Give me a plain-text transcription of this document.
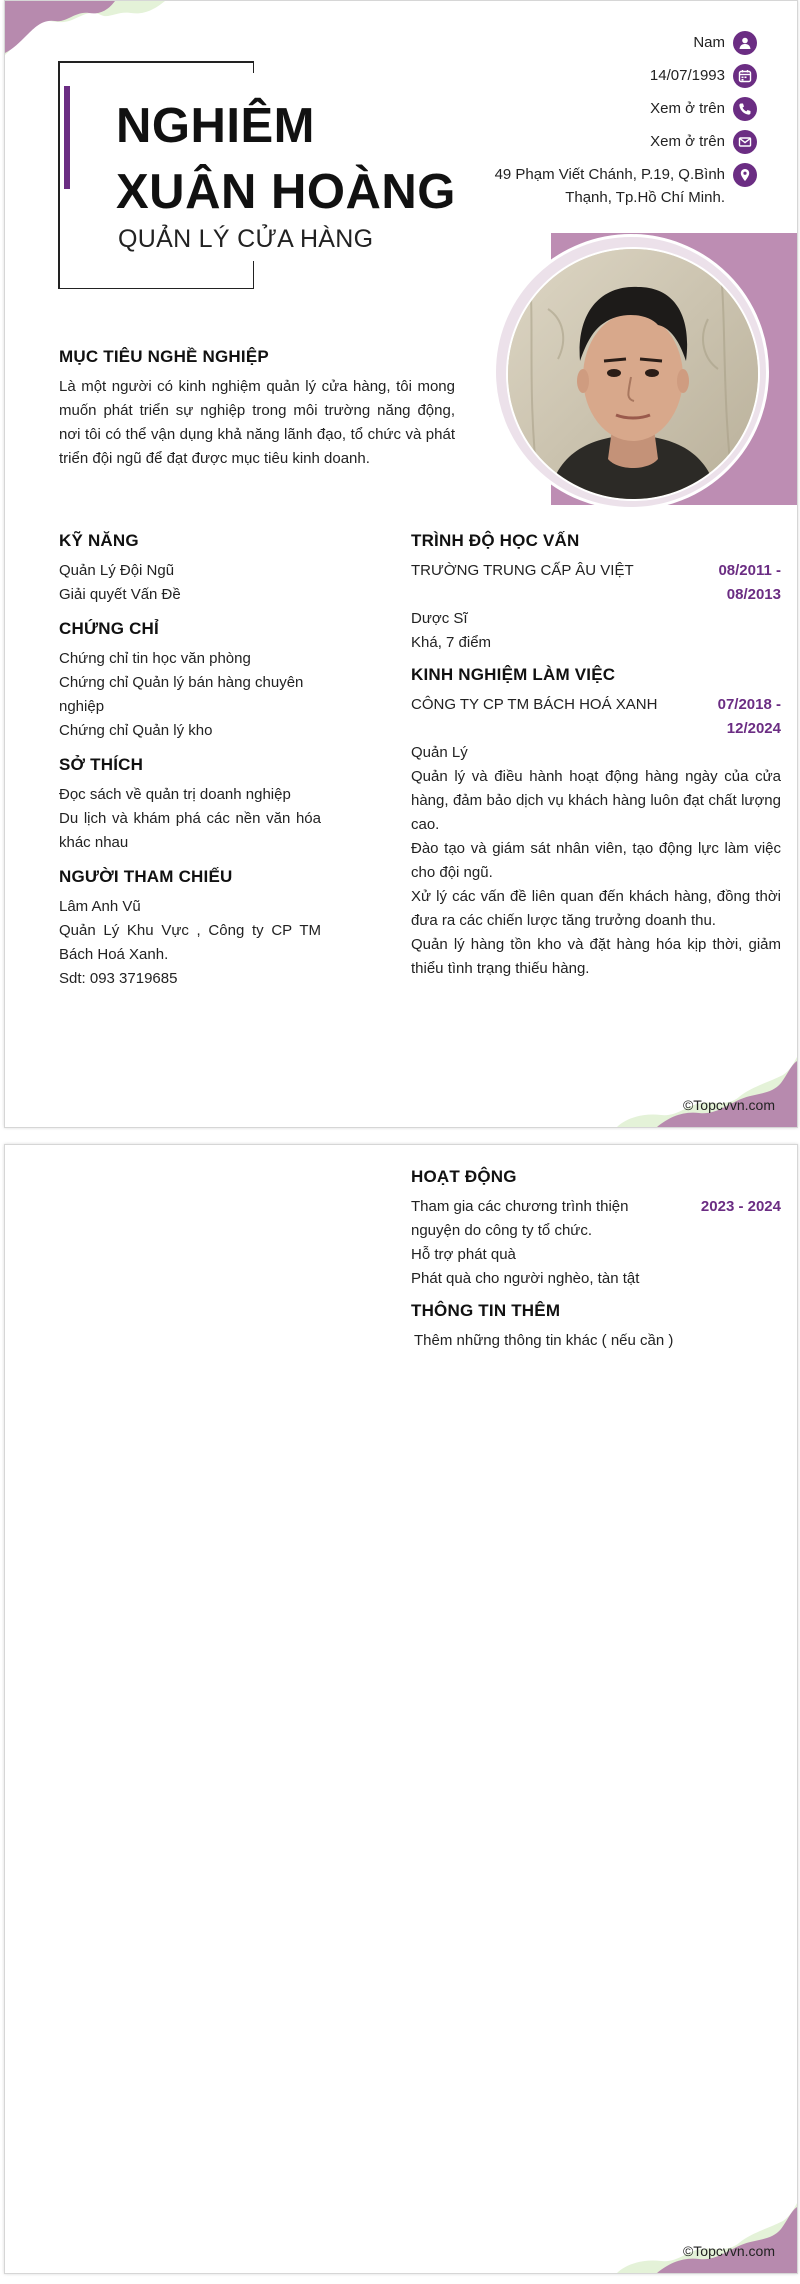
NGHIÊM
XUÂN HOÀNG
QUẢN LÝ CỬA HÀNG
Nam
14/07/1993
Xem ở trên
Xem ở trên
49 Phạm Viết Chánh, P.19, Q.Bình Thạnh, Tp.Hồ Chí Minh.
MỤC TIÊU NGHỀ NGHIỆP
Là một người có kinh nghiệm quản lý cửa hàng, tôi mong muốn phát triển sự nghiệp trong môi trường năng động, nơi tôi có thể vận dụng khả năng lãnh đạo, tổ chức và phát triển đội ngũ để đạt được mục tiêu kinh doanh.
KỸ NĂNG
Quản Lý Đội Ngũ
Giải quyết Vấn Đề
CHỨNG CHỈ
Chứng chỉ tin học văn phòng
Chứng chỉ Quản lý bán hàng chuyên nghiệp
Chứng chỉ Quản lý kho
SỞ THÍCH
Đọc sách về quản trị doanh nghiệp
Du lịch và khám phá các nền văn hóa khác nhau
NGƯỜI THAM CHIẾU
Lâm Anh Vũ
Quản Lý Khu Vực , Công ty CP TM Bách Hoá Xanh.
Sdt: 093 3719685
TRÌNH ĐỘ HỌC VẤN
TRƯỜNG TRUNG CẤP ÂU VIỆT	08/2011 -
08/2013
Dược Sĩ
Khá, 7 điểm
KINH NGHIỆM LÀM VIỆC
CÔNG TY CP TM BÁCH HOÁ XANH	07/2018 -
12/2024
Quản Lý
Quản lý và điều hành hoạt động hàng ngày của cửa hàng, đảm bảo dịch vụ khách hàng luôn đạt chất lượng cao.
Đào tạo và giám sát nhân viên, tạo động lực làm việc cho đội ngũ.
Xử lý các vấn đề liên quan đến khách hàng, đồng thời đưa ra các chiến lược tăng trưởng doanh thu.
Quản lý hàng tồn kho và đặt hàng hóa kịp thời, giảm thiểu tình trạng thiếu hàng.
©Topcvvn.com
HOẠT ĐỘNG
Tham gia các chương trình thiện nguyện do công ty tổ chức.
2023 - 2024
Hỗ trợ phát quà
Phát quà cho người nghèo, tàn tật
THÔNG TIN THÊM
Thêm những thông tin khác ( nếu cần )
©Topcvvn.com
